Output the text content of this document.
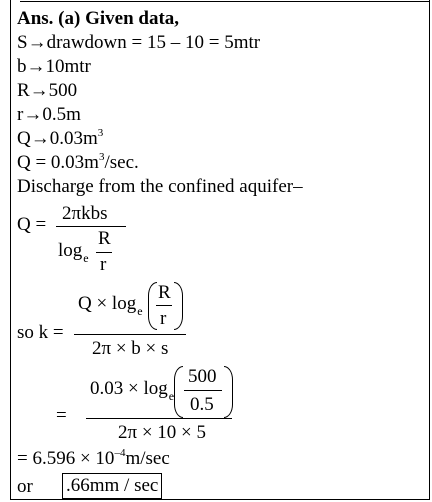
Ans. (a) Given data,
S→drawdown = 15 – 10 = 5mtr
b→10mtr
R→500
r→0.5m
$Q\to 0.03m^3$
$Q = 0.03m^3/\sec$.
Discharge from the confined aquifer–
Q =
2πkbs
$\log_e$
R
r
so k =
$Q \times \log_e$
R
r
2π × b × s
=
$0.03 \times \log_e$
500
0.5
2π × 10 × 5
= $6.596 \times 10^{-4}m/\sec$
or .66mm / sec
